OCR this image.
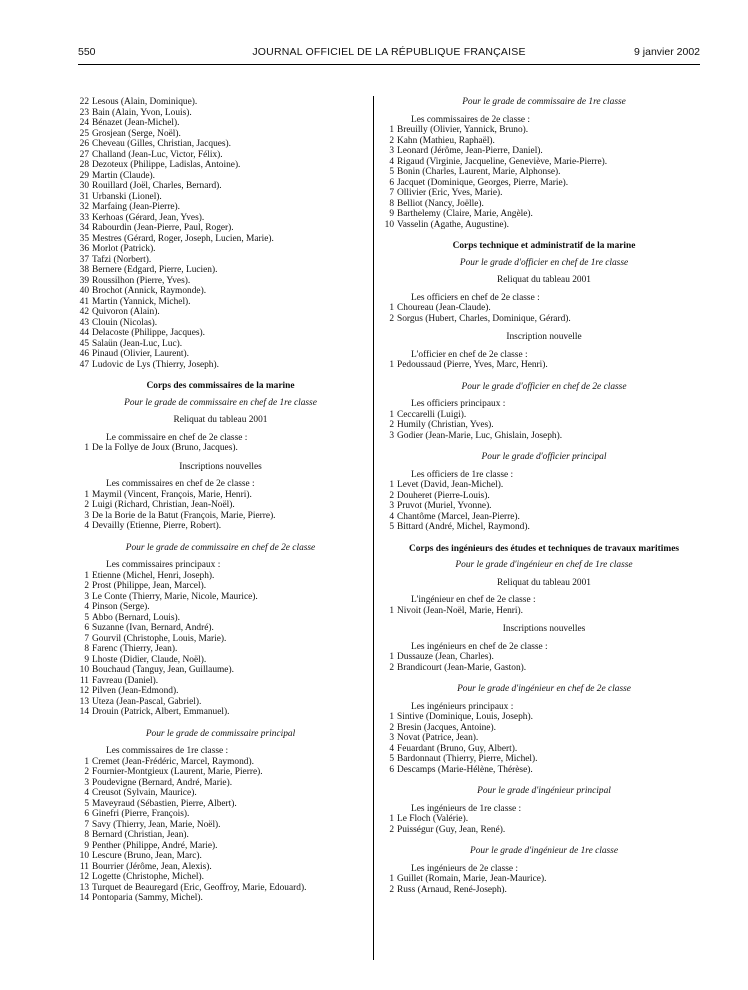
550	JOURNAL OFFICIEL DE LA RÉPUBLIQUE FRANÇAISE	9 janvier 2002
22 Lesous (Alain, Dominique).
23 Bain (Alain, Yvon, Louis).
24 Bénazet (Jean-Michel).
25 Grosjean (Serge, Noël).
26 Cheveau (Gilles, Christian, Jacques).
27 Challand (Jean-Luc, Victor, Félix).
28 Dezoteux (Philippe, Ladislas, Antoine).
29 Martin (Claude).
30 Rouillard (Joël, Charles, Bernard).
31 Urbanski (Lionel).
32 Marfaing (Jean-Pierre).
33 Kerhoas (Gérard, Jean, Yves).
34 Rabourdin (Jean-Pierre, Paul, Roger).
35 Mestres (Gérard, Roger, Joseph, Lucien, Marie).
36 Morlot (Patrick).
37 Tafzi (Norbert).
38 Bernere (Edgard, Pierre, Lucien).
39 Roussilhon (Pierre, Yves).
40 Brochot (Annick, Raymonde).
41 Martin (Yannick, Michel).
42 Quivoron (Alain).
43 Clouin (Nicolas).
44 Delacoste (Philippe, Jacques).
45 Salaün (Jean-Luc, Luc).
46 Pinaud (Olivier, Laurent).
47 Ludovic de Lys (Thierry, Joseph).
Corps des commissaires de la marine
Pour le grade de commissaire en chef de 1re classe
Reliquat du tableau 2001
Le commissaire en chef de 2e classe :
1 De la Follye de Joux (Bruno, Jacques).
Inscriptions nouvelles
Les commissaires en chef de 2e classe :
1 Maymil (Vincent, François, Marie, Henri).
2 Luigi (Richard, Christian, Jean-Noël).
3 De la Borie de la Batut (François, Marie, Pierre).
4 Devailly (Etienne, Pierre, Robert).
Pour le grade de commissaire en chef de 2e classe
Les commissaires principaux :
1 Etienne (Michel, Henri, Joseph).
2 Prost (Philippe, Jean, Marcel).
3 Le Conte (Thierry, Marie, Nicole, Maurice).
4 Pinson (Serge).
5 Abbo (Bernard, Louis).
6 Suzanne (Ivan, Bernard, André).
7 Gourvil (Christophe, Louis, Marie).
8 Farenc (Thierry, Jean).
9 Lhoste (Didier, Claude, Noël).
10 Bouchaud (Tanguy, Jean, Guillaume).
11 Favreau (Daniel).
12 Pilven (Jean-Edmond).
13 Uteza (Jean-Pascal, Gabriel).
14 Drouin (Patrick, Albert, Emmanuel).
Pour le grade de commissaire principal
Les commissaires de 1re classe :
1 Cremet (Jean-Frédéric, Marcel, Raymond).
2 Fournier-Montgieux (Laurent, Marie, Pierre).
3 Poudevigne (Bernard, André, Marie).
4 Creusot (Sylvain, Maurice).
5 Maveyraud (Sébastien, Pierre, Albert).
6 Ginefri (Pierre, François).
7 Savy (Thierry, Jean, Marie, Noël).
8 Bernard (Christian, Jean).
9 Penther (Philippe, André, Marie).
10 Lescure (Bruno, Jean, Marc).
11 Bourrier (Jérôme, Jean, Alexis).
12 Logette (Christophe, Michel).
13 Turquet de Beauregard (Eric, Geoffroy, Marie, Edouard).
14 Pontoparia (Sammy, Michel).
Pour le grade de commissaire de 1re classe
Les commissaires de 2e classe :
1 Breuilly (Olivier, Yannick, Bruno).
2 Kahn (Mathieu, Raphaël).
3 Leonard (Jérôme, Jean-Pierre, Daniel).
4 Rigaud (Virginie, Jacqueline, Geneviève, Marie-Pierre).
5 Bonin (Charles, Laurent, Marie, Alphonse).
6 Jacquet (Dominique, Georges, Pierre, Marie).
7 Ollivier (Eric, Yves, Marie).
8 Belliot (Nancy, Joëlle).
9 Barthelemy (Claire, Marie, Angèle).
10 Vasselin (Agathe, Augustine).
Corps technique et administratif de la marine
Pour le grade d'officier en chef de 1re classe
Reliquat du tableau 2001
Les officiers en chef de 2e classe :
1 Choureau (Jean-Claude).
2 Sorgus (Hubert, Charles, Dominique, Gérard).
Inscription nouvelle
L'officier en chef de 2e classe :
1 Pedoussaud (Pierre, Yves, Marc, Henri).
Pour le grade d'officier en chef de 2e classe
Les officiers principaux :
1 Ceccarelli (Luigi).
2 Humily (Christian, Yves).
3 Godier (Jean-Marie, Luc, Ghislain, Joseph).
Pour le grade d'officier principal
Les officiers de 1re classe :
1 Levet (David, Jean-Michel).
2 Douheret (Pierre-Louis).
3 Pruvot (Muriel, Yvonne).
4 Chantôme (Marcel, Jean-Pierre).
5 Bittard (André, Michel, Raymond).
Corps des ingénieurs des études et techniques de travaux maritimes
Pour le grade d'ingénieur en chef de 1re classe
Reliquat du tableau 2001
L'ingénieur en chef de 2e classe :
1 Nivoit (Jean-Noël, Marie, Henri).
Inscriptions nouvelles
Les ingénieurs en chef de 2e classe :
1 Dussauze (Jean, Charles).
2 Brandicourt (Jean-Marie, Gaston).
Pour le grade d'ingénieur en chef de 2e classe
Les ingénieurs principaux :
1 Sintive (Dominique, Louis, Joseph).
2 Bresin (Jacques, Antoine).
3 Novat (Patrice, Jean).
4 Feuardant (Bruno, Guy, Albert).
5 Bardonnaut (Thierry, Pierre, Michel).
6 Descamps (Marie-Hélène, Thérèse).
Pour le grade d'ingénieur principal
Les ingénieurs de 1re classe :
1 Le Floch (Valérie).
2 Puisségur (Guy, Jean, René).
Pour le grade d'ingénieur de 1re classe
Les ingénieurs de 2e classe :
1 Guillet (Romain, Marie, Jean-Maurice).
2 Russ (Arnaud, René-Joseph).
